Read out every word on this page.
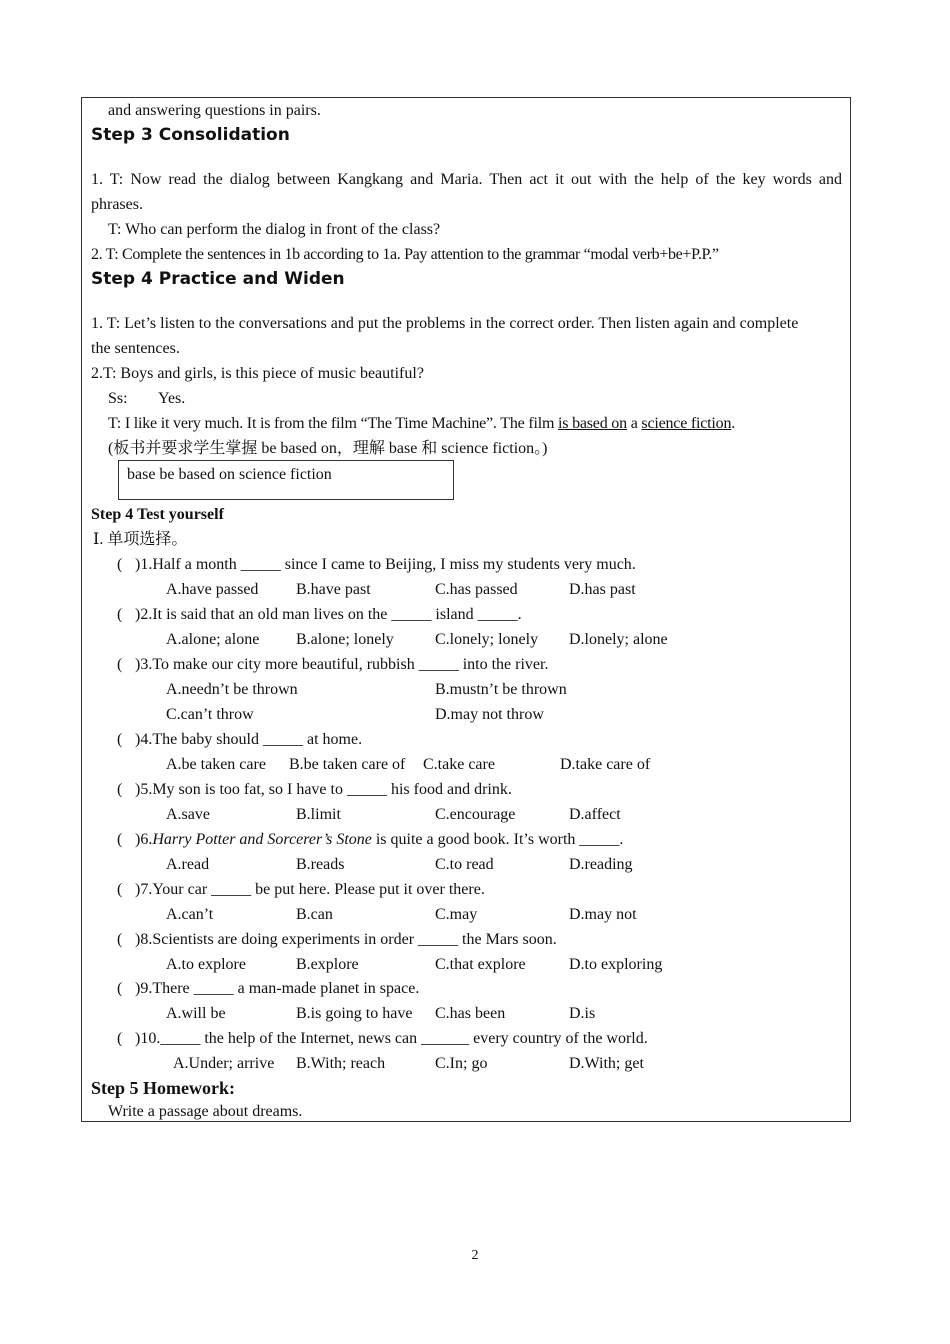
and answering questions in pairs.
Step 3 Consolidation
1. T: Now read the dialog between Kangkang and Maria. Then act it out with the help of the key words and
phrases.
T: Who can perform the dialog in front of the class?
2. T: Complete the sentences in 1b according to 1a. Pay attention to the grammar “modal verb+be+P.P.”
Step 4 Practice and Widen
1. T: Let’s listen to the conversations and put the problems in the correct order. Then listen again and complete
the sentences.
2.T: Boys and girls, is this piece of music beautiful?
Ss: Yes.
T: I like it very much. It is from the film “The Time Machine”. The film is based on a science fiction.
(板书并要求学生掌握 be based on，理解 base 和 science fiction。)
base be based on science fiction
Step 4 Test yourself
Ⅰ. 单项选择。
( )1.Half a month _____ since I came to Beijing, I miss my students very much.
A.have passed B.have past	C.has passed	D.has past
( )2.It is said that an old man lives on the _____ island _____.
A.alone; alone B.alone; lonely	C.lonely; lonely D.lonely; alone
( )3.To make our city more beautiful, rubbish _____ into the river.
A.needn’t be thrown	B.mustn’t be thrown
C.can’t throw	D.may not throw
( )4.The baby should _____ at home.
A.be taken care B.be taken care of C.take care	D.take care of
( )5.My son is too fat, so I have to _____ his food and drink.
A.save	B.limit	C.encourage	D.affect
( )6.Harry Potter and Sorcerer’s Stone is quite a good book. It’s worth _____.
A.read	B.reads	C.to read	D.reading
( )7.Your car _____ be put here. Please put it over there.
A.can’t	B.can	C.may	D.may not
( )8.Scientists are doing experiments in order _____ the Mars soon.
A.to explore	B.explore	C.that explore	D.to exploring
( )9.There _____ a man-made planet in space.
A.will be	B.is going to have C.has been	D.is
( )10._____ the help of the Internet, news can ______ every country of the world.
A.Under; arrive B.With; reach	C.In; go	D.With; get
Step 5 Homework:
Write a passage about dreams.
2
